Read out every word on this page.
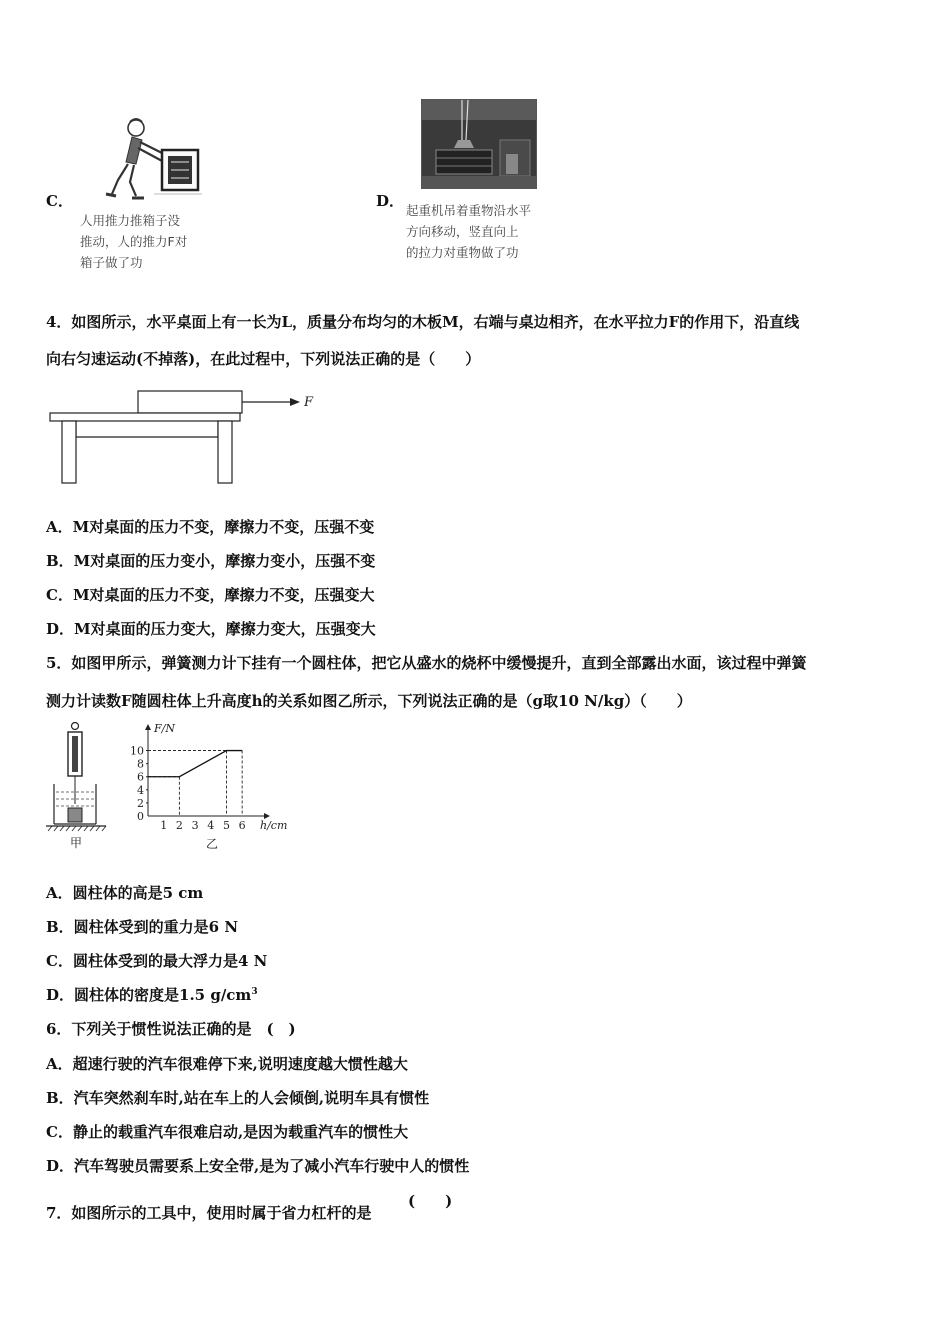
C．
人用推力推箱子没
推动，人的推力F对
箱子做了功
D．
起重机吊着重物沿水平
方向移动，竖直向上
的拉力对重物做了功
4．如图所示，水平桌面上有一长为L，质量分布均匀的木板M，右端与桌边相齐，在水平拉力F的作用下，沿直线
向右匀速运动(不掉落)，在此过程中，下列说法正确的是（　　）
F
A．M对桌面的压力不变，摩擦力不变，压强不变
B．M对桌面的压力变小，摩擦力变小，压强不变
C．M对桌面的压力不变，摩擦力不变，压强变大
D．M对桌面的压力变大，摩擦力变大，压强变大
5．如图甲所示，弹簧测力计下挂有一个圆柱体，把它从盛水的烧杯中缓慢提升，直到全部露出水面，该过程中弹簧
测力计读数F随圆柱体上升高度h的关系如图乙所示，下列说法正确的是（g取10 N/kg）（　　）
甲
F/N
h/cm
0
2
4
6
8
10
1 2 3 4 5 6
乙
A．圆柱体的高是5 cm
B．圆柱体受到的重力是6 N
C．圆柱体受到的最大浮力是4 N
D．圆柱体的密度是1.5 $g/cm^3$
6．下列关于惯性说法正确的是　(　)
A．超速行驶的汽车很难停下来,说明速度越大惯性越大
B．汽车突然刹车时,站在车上的人会倾倒,说明车具有惯性
C．静止的载重汽车很难启动,是因为载重汽车的惯性大
D．汽车驾驶员需要系上安全带,是为了减小汽车行驶中人的惯性
7．如图所示的工具中，使用时属于省力杠杆的是
(　　)
